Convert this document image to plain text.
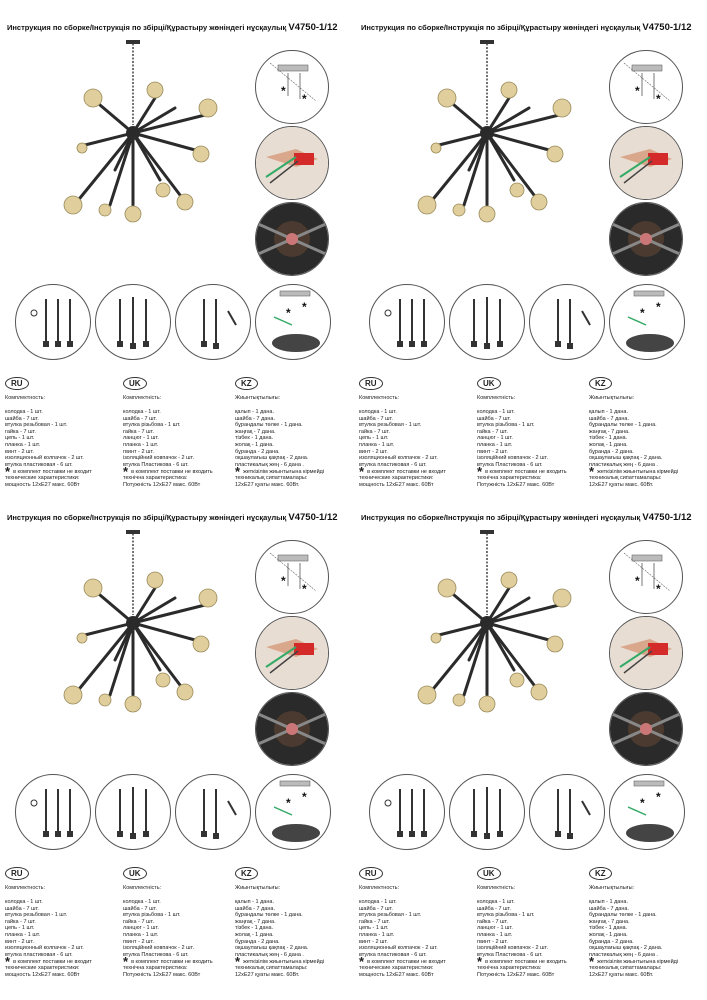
Инструкция по сборке/Інструкція по збірці/Құрастыру жөніндегі нұсқаулық V4750-1/12
*
*
*
*
RU
Комплектность:
колодка - 1 шт.
шайба - 7 шт.
втулка резьбовая - 1 шт.
гайка - 7 шт.
цепь - 1 шт.
планка - 1 шт.
винт - 2 шт.
изоляционный колпачок - 2 шт.
втулка пластиковая - 6 шт.
технические характеристики:
мощность 12хЕ27 макс. 60Вт
UK
Комплектність:
колодка - 1 шт.
шайба - 7 шт.
втулка різьбова - 1 шт.
гайка - 7 шт.
ланцюг - 1 шт.
планка - 1 шт.
гвинт - 2 шт.
ізоляційний ковпачок - 2 шт.
втулка Пластикова - 6 шт.
технічна характеристика:
Потужність 12хЕ27 макс. 60Вт
KZ
Жиынтықтылығы:
қалып - 1 дана.
шайба - 7 дана.
бұрандалы төлке - 1 дана.
жаңғақ - 7 дана.
тізбек - 1 дана.
жолақ - 1 дана.
бұранда - 2 дана.
оқшаулағыш қақпақ - 2 дана.
пластикалық жең - 6 дана .
техникалық сипаттамалары:
12хЕ27 қуаты макс. 60Вт.
* в комплект поставки не входит * в комплект поставки не входить * жеткізілім жиынтығына кірмейді
Инструкция по сборке/Інструкція по збірці/Құрастыру жөніндегі нұсқаулық V4750-1/12
*
*
*
*
RU
Комплектность:
колодка - 1 шт.
шайба - 7 шт.
втулка резьбовая - 1 шт.
гайка - 7 шт.
цепь - 1 шт.
планка - 1 шт.
винт - 2 шт.
изоляционный колпачок - 2 шт.
втулка пластиковая - 6 шт.
технические характеристики:
мощность 12хЕ27 макс. 60Вт
UK
Комплектність:
колодка - 1 шт.
шайба - 7 шт.
втулка різьбова - 1 шт.
гайка - 7 шт.
ланцюг - 1 шт.
планка - 1 шт.
гвинт - 2 шт.
ізоляційний ковпачок - 2 шт.
втулка Пластикова - 6 шт.
технічна характеристика:
Потужність 12хЕ27 макс. 60Вт
KZ
Жиынтықтылығы:
қалып - 1 дана.
шайба - 7 дана.
бұрандалы төлке - 1 дана.
жаңғақ - 7 дана.
тізбек - 1 дана.
жолақ - 1 дана.
бұранда - 2 дана.
оқшаулағыш қақпақ - 2 дана.
пластикалық жең - 6 дана .
техникалық сипаттамалары:
12хЕ27 қуаты макс. 60Вт.
* в комплект поставки не входит * в комплект поставки не входить * жеткізілім жиынтығына кірмейді
Инструкция по сборке/Інструкція по збірці/Құрастыру жөніндегі нұсқаулық V4750-1/12
*
*
*
*
RU
Комплектность:
колодка - 1 шт.
шайба - 7 шт.
втулка резьбовая - 1 шт.
гайка - 7 шт.
цепь - 1 шт.
планка - 1 шт.
винт - 2 шт.
изоляционный колпачок - 2 шт.
втулка пластиковая - 6 шт.
технические характеристики:
мощность 12хЕ27 макс. 60Вт
UK
Комплектність:
колодка - 1 шт.
шайба - 7 шт.
втулка різьбова - 1 шт.
гайка - 7 шт.
ланцюг - 1 шт.
планка - 1 шт.
гвинт - 2 шт.
ізоляційний ковпачок - 2 шт.
втулка Пластикова - 6 шт.
технічна характеристика:
Потужність 12хЕ27 макс. 60Вт
KZ
Жиынтықтылығы:
қалып - 1 дана.
шайба - 7 дана.
бұрандалы төлке - 1 дана.
жаңғақ - 7 дана.
тізбек - 1 дана.
жолақ - 1 дана.
бұранда - 2 дана.
оқшаулағыш қақпақ - 2 дана.
пластикалық жең - 6 дана .
техникалық сипаттамалары:
12хЕ27 қуаты макс. 60Вт.
* в комплект поставки не входит * в комплект поставки не входить * жеткізілім жиынтығына кірмейді
Инструкция по сборке/Інструкція по збірці/Құрастыру жөніндегі нұсқаулық V4750-1/12
*
*
*
*
RU
Комплектность:
колодка - 1 шт.
шайба - 7 шт.
втулка резьбовая - 1 шт.
гайка - 7 шт.
цепь - 1 шт.
планка - 1 шт.
винт - 2 шт.
изоляционный колпачок - 2 шт.
втулка пластиковая - 6 шт.
технические характеристики:
мощность 12хЕ27 макс. 60Вт
UK
Комплектність:
колодка - 1 шт.
шайба - 7 шт.
втулка різьбова - 1 шт.
гайка - 7 шт.
ланцюг - 1 шт.
планка - 1 шт.
гвинт - 2 шт.
ізоляційний ковпачок - 2 шт.
втулка Пластикова - 6 шт.
технічна характеристика:
Потужність 12хЕ27 макс. 60Вт
KZ
Жиынтықтылығы:
қалып - 1 дана.
шайба - 7 дана.
бұрандалы төлке - 1 дана.
жаңғақ - 7 дана.
тізбек - 1 дана.
жолақ - 1 дана.
бұранда - 2 дана.
оқшаулағыш қақпақ - 2 дана.
пластикалық жең - 6 дана .
техникалық сипаттамалары:
12хЕ27 қуаты макс. 60Вт.
* в комплект поставки не входит * в комплект поставки не входить * жеткізілім жиынтығына кірмейді
